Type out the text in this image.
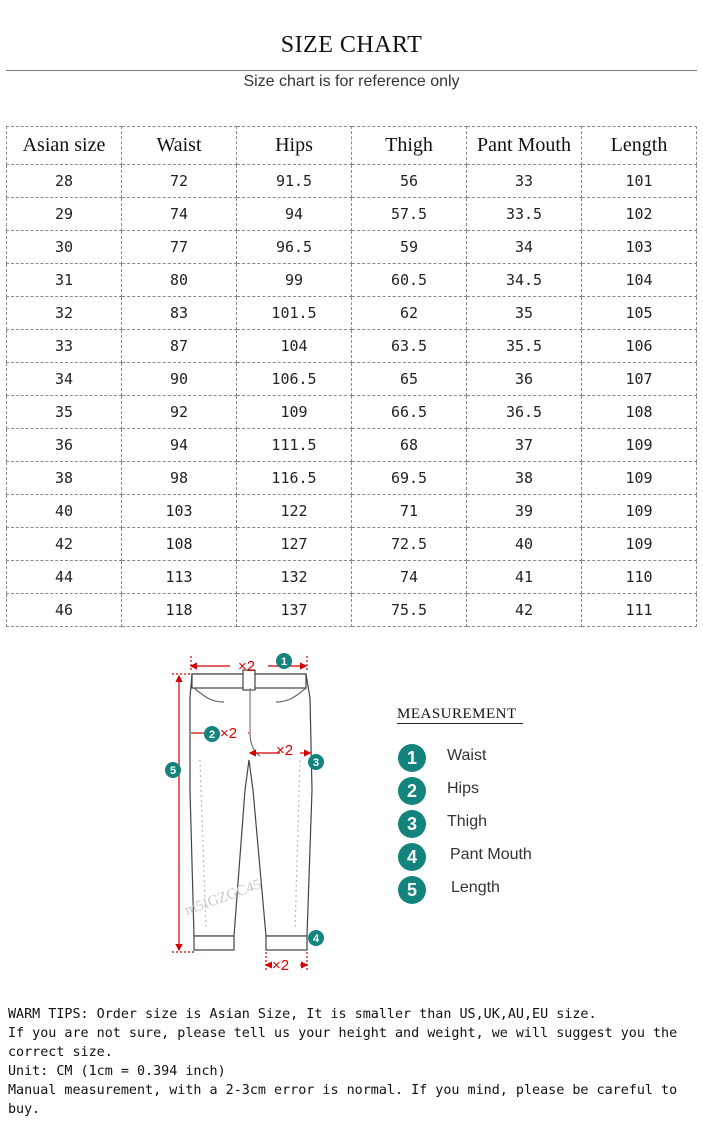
SIZE CHART
Size chart is for reference only
Asian size	Waist	Hips	Thigh	Pant Mouth	Length
28	72	91.5	56	33	101
29	74	94	57.5	33.5	102
30	77	96.5	59	34	103
31	80	99	60.5	34.5	104
32	83	101.5	62	35	105
33	87	104	63.5	35.5	106
34	90	106.5	65	36	107
35	92	109	66.5	36.5	108
36	94	111.5	68	37	109
38	98	116.5	69.5	38	109
40	103	122	71	39	109
42	108	127	72.5	40	109
44	113	132	74	41	110
46	118	137	75.5	42	111
×2
×2
×2
×2
1
2
3
4
5
m5IGZGC45
MEASUREMENT
1	Waist
2	Hips
3	Thigh
4	Pant Mouth
5	Length
WARM TIPS: Order size is Asian Size, It is smaller than US,UK,AU,EU size.
If you are not sure, please tell us your height and weight, we will suggest you the correct size.
Unit: CM (1cm = 0.394 inch)
Manual measurement, with a 2-3cm error is normal. If you mind, please be careful to buy.
